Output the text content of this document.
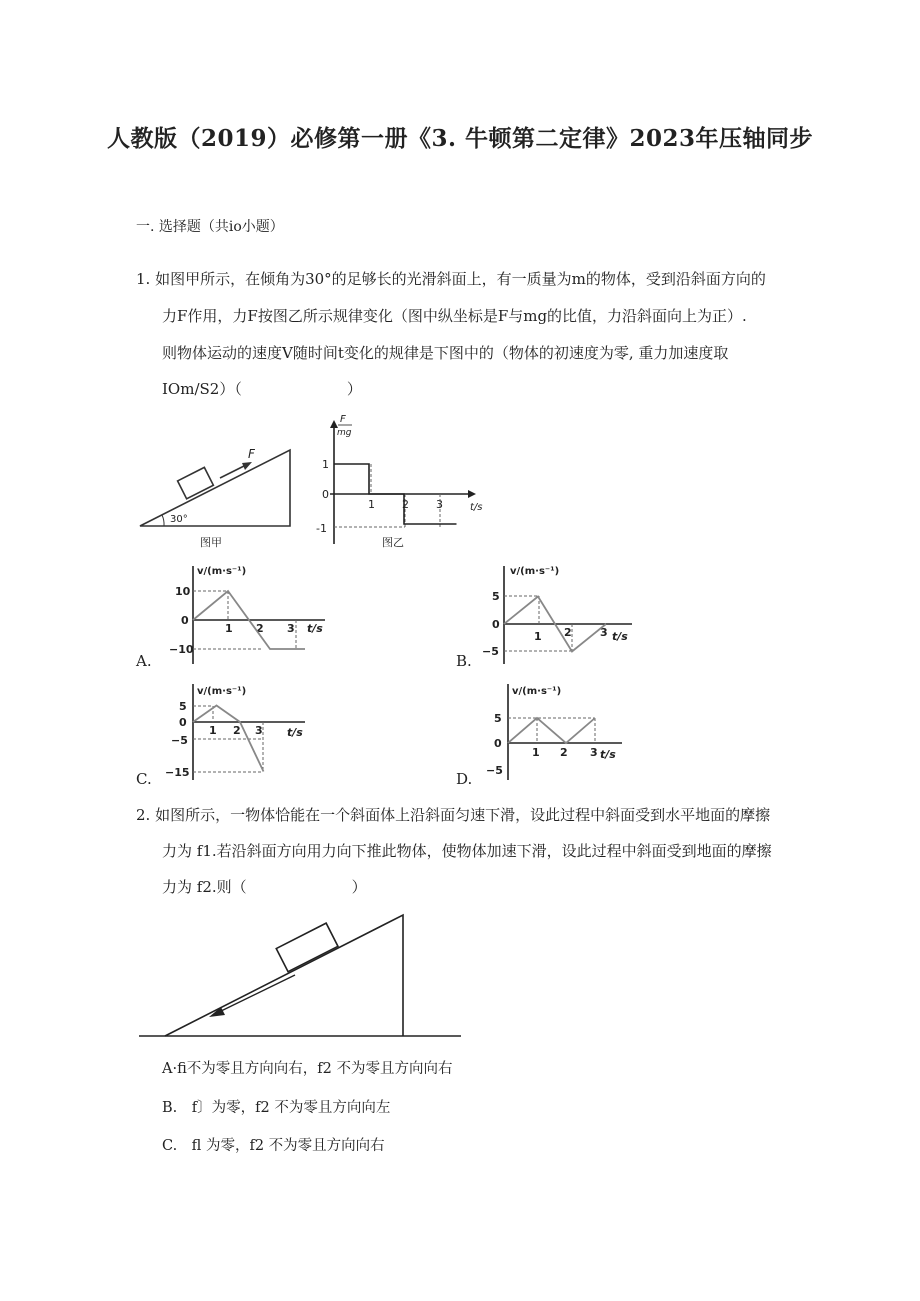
人教版（2019）必修第一册《3. 牛顿第二定律》2023年压轴同步
一. 选择题（共io小题）
1. 如图甲所示，在倾角为30°的足够长的光滑斜面上，有一质量为m的物体，受到沿斜面方向的
力F作用，力F按图乙所示规律变化（图中纵坐标是F与mg的比值，力沿斜面向上为正）.
则物体运动的速度V随时间t变化的规律是下图中的（物体的初速度为零, 重力加速度取
IOm/S2）（　　　　　　　）
F
30°
图甲
F
mg
t/s
1
0
-1
1 2 3
图乙
A.
v/(m·s⁻¹)
t/s
10
0
−10
1 2 3
B.
v/(m·s⁻¹)
t/s
5
0
−5
1 2	3
C.
v/(m·s⁻¹)
t/s
5
0
−5
−15
1 2 3
D.
v/(m·s⁻¹)
t/s
5
0
−5
1 2 3
2. 如图所示，一物体恰能在一个斜面体上沿斜面匀速下滑，设此过程中斜面受到水平地面的摩擦
力为 f1.若沿斜面方向用力向下推此物体，使物体加速下滑，设此过程中斜面受到地面的摩擦
力为 f2.则（　　　　　　　）
A·fi不为零且方向向右，f2 不为零且方向向右
B.　f〕为零，f2 不为零且方向向左
C.　fl 为零，f2 不为零且方向向右
